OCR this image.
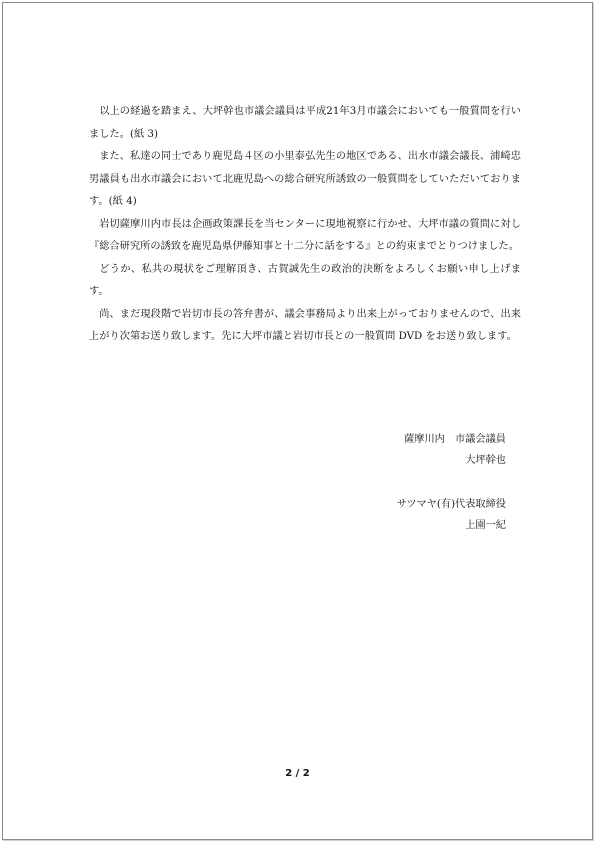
以上の経過を踏まえ、大坪幹也市議会議員は平成21年3月市議会においても一般質問を行いました。(紙 3)

また、私達の同士であり鹿児島４区の小里泰弘先生の地区である、出水市議会議長、浦崎忠男議員も出水市議会において北鹿児島への総合研究所誘致の一般質問をしていただいております。(紙 4)

岩切薩摩川内市長は企画政策課長を当センターに現地視察に行かせ、大坪市議の質問に対し『総合研究所の誘致を鹿児島県伊藤知事と十二分に話をする』との約束までとりつけました。

どうか、私共の現状をご理解頂き、古賀誠先生の政治的決断をよろしくお願い申し上げます。

尚、まだ現段階で岩切市長の答弁書が、議会事務局より出来上がっておりませんので、出来上がり次第お送り致します。先に大坪市議と岩切市長との一般質問 DVD をお送り致します。

薩摩川内　市議会議員
大坪幹也
サツマヤ(有)代表取締役
上園一紀
2 / 2
